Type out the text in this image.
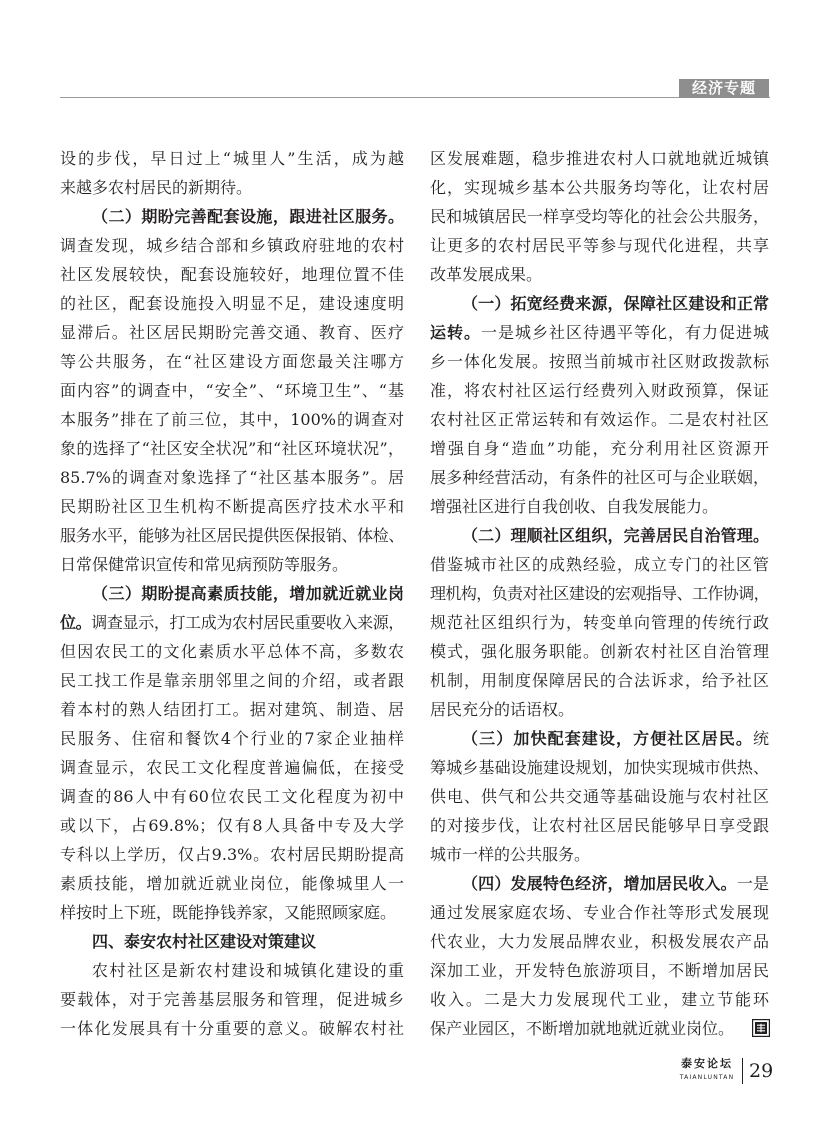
经济专题
设的步伐，早日过上“城里人”生活，成为越
来越多农村居民的新期待。
（二）期盼完善配套设施，跟进社区服务。
调查发现，城乡结合部和乡镇政府驻地的农村
社区发展较快，配套设施较好，地理位置不佳
的社区，配套设施投入明显不足，建设速度明
显滞后。社区居民期盼完善交通、教育、医疗
等公共服务，在“社区建设方面您最关注哪方
面内容”的调查中，“安全”、“环境卫生”、“基
本服务”排在了前三位，其中，100%的调查对
象的选择了“社区安全状况”和“社区环境状况”，
85.7%的调查对象选择了“社区基本服务”。居
民期盼社区卫生机构不断提高医疗技术水平和
服务水平，能够为社区居民提供医保报销、体检、
日常保健常识宣传和常见病预防等服务。
（三）期盼提高素质技能，增加就近就业岗
位。调查显示，打工成为农村居民重要收入来源，
但因农民工的文化素质水平总体不高，多数农
民工找工作是靠亲朋邻里之间的介绍，或者跟
着本村的熟人结团打工。据对建筑、制造、居
民服务、住宿和餐饮4个行业的7家企业抽样
调查显示，农民工文化程度普遍偏低，在接受
调查的86人中有60位农民工文化程度为初中
或以下，占69.8%；仅有8人具备中专及大学
专科以上学历，仅占9.3%。农村居民期盼提高
素质技能，增加就近就业岗位，能像城里人一
样按时上下班，既能挣钱养家，又能照顾家庭。
四、泰安农村社区建设对策建议
农村社区是新农村建设和城镇化建设的重
要载体，对于完善基层服务和管理，促进城乡
一体化发展具有十分重要的意义。破解农村社
区发展难题，稳步推进农村人口就地就近城镇
化，实现城乡基本公共服务均等化，让农村居
民和城镇居民一样享受均等化的社会公共服务，
让更多的农村居民平等参与现代化进程，共享
改革发展成果。
（一）拓宽经费来源，保障社区建设和正常
运转。一是城乡社区待遇平等化，有力促进城
乡一体化发展。按照当前城市社区财政拨款标
准，将农村社区运行经费列入财政预算，保证
农村社区正常运转和有效运作。二是农村社区
增强自身“造血”功能，充分利用社区资源开
展多种经营活动，有条件的社区可与企业联姻，
增强社区进行自我创收、自我发展能力。
（二）理顺社区组织，完善居民自治管理。
借鉴城市社区的成熟经验，成立专门的社区管
理机构，负责对社区建设的宏观指导、工作协调，
规范社区组织行为，转变单向管理的传统行政
模式，强化服务职能。创新农村社区自治管理
机制，用制度保障居民的合法诉求，给予社区
居民充分的话语权。
（三）加快配套建设，方便社区居民。统
筹城乡基础设施建设规划，加快实现城市供热、
供电、供气和公共交通等基础设施与农村社区
的对接步伐，让农村社区居民能够早日享受跟
城市一样的公共服务。
（四）发展特色经济，增加居民收入。一是
通过发展家庭农场、专业合作社等形式发展现
代农业，大力发展品牌农业，积极发展农产品
深加工业，开发特色旅游项目，不断增加居民
收入。二是大力发展现代工业，建立节能环
保产业园区，不断增加就地就近就业岗位。
泰安论坛
TAIANLUNTAN 29
